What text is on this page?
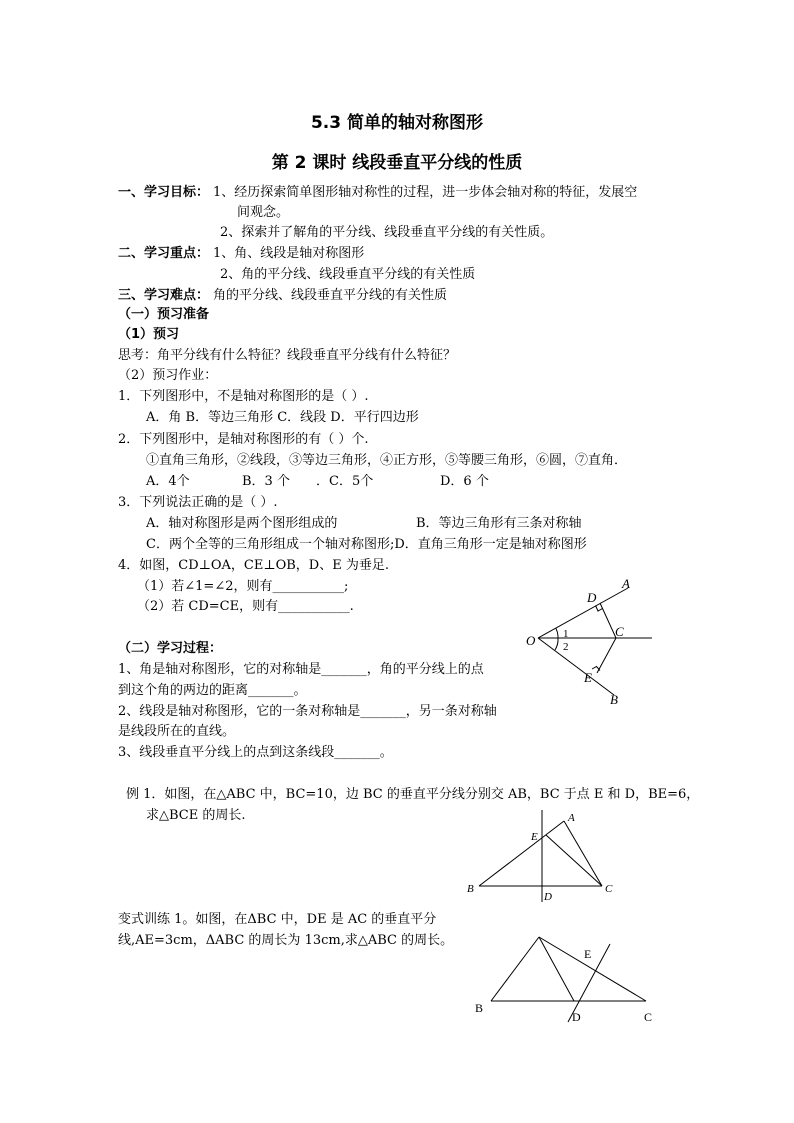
5.3 简单的轴对称图形
第 2 课时 线段垂直平分线的性质
一、学习目标： 1、经历探索简单图形轴对称性的过程，进一步体会轴对称的特征，发展空
间观念。
2、探索并了解角的平分线、线段垂直平分线的有关性质。
二、学习重点： 1、角、线段是轴对称图形
2、角的平分线、线段垂直平分线的有关性质
三、学习难点： 角的平分线、线段垂直平分线的有关性质
（一）预习准备
（1）预习
思考：角平分线有什么特征？线段垂直平分线有什么特征？
（2）预习作业：
1．下列图形中，不是轴对称图形的是（ ）.
A．角 B．等边三角形 C．线段 D．平行四边形
2．下列图形中，是轴对称图形的有（ ）个.
①直角三角形，②线段，③等边三角形，④正方形，⑤等腰三角形，⑥圆，⑦直角．
A．4个	B．3 个 ．C．5个	D．6 个
3．下列说法正确的是（ ）.
A．轴对称图形是两个图形组成的	B．等边三角形有三条对称轴
C．两个全等的三角形组成一个轴对称图形;D．直角三角形一定是轴对称图形
4．如图，CD⊥OA，CE⊥OB，D、E 为垂足.
（1）若∠1=∠2，则有___________;
（2）若 CD=CE，则有___________.
（二）学习过程：
1、角是轴对称图形，它的对称轴是_______，角的平分线上的点
到这个角的两边的距离_______。
2、线段是轴对称图形，它的一条对称轴是_______，另一条对称轴
是线段所在的直线。
3、线段垂直平分线上的点到这条线段_______。
例 1．如图，在△ABC 中，BC=10，边 BC 的垂直平分线分别交 AB，BC 于点 E 和 D，BE=6，
求△BCE 的周长.
变式训练 1。如图，在ΔBC 中，DE 是 AC 的垂直平分
线,AE=3cm，ΔABC 的周长为 13cm,求△ABC 的周长。
O
A
B
C
D
E
1
2
A
B	C
D
E
B
C
D
E
